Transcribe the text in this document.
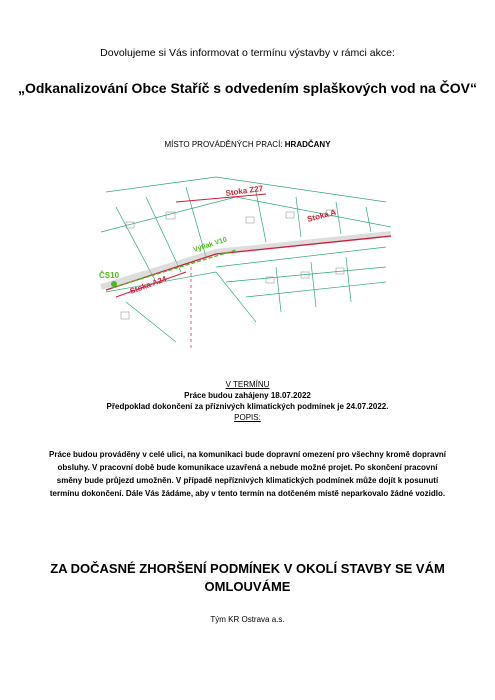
Dovolujeme si Vás informovat o termínu výstavby v rámci akce:
„Odkanalizování Obce Staříč s odvedením splaškových vod na ČOV“
MÍSTO PROVÁDĚNÝCH PRACÍ: HRADČANY
Stoka Z27
Stoka A
Výtlak V10
ČS10 Stoka A24
V TERMÍNU
Práce budou zahájeny 18.07.2022
Předpoklad dokončení za příznivých klimatických podmínek je 24.07.2022.
POPIS:
Práce budou prováděny v celé ulici, na komunikaci bude dopravní omezení pro všechny kromě dopravní obsluhy. V pracovní době bude komunikace uzavřená a nebude možné projet. Po skončení pracovní směny bude průjezd umožněn. V případě nepříznivých klimatických podmínek může dojít k posunutí termínu dokončení. Dále Vás žádáme, aby v tento termín na dotčeném místě neparkovalo žádné vozidlo.
ZA DOČASNÉ ZHORŠENÍ PODMÍNEK V OKOLÍ STAVBY SE VÁM OMLOUVÁME
Tým KR Ostrava a.s.
